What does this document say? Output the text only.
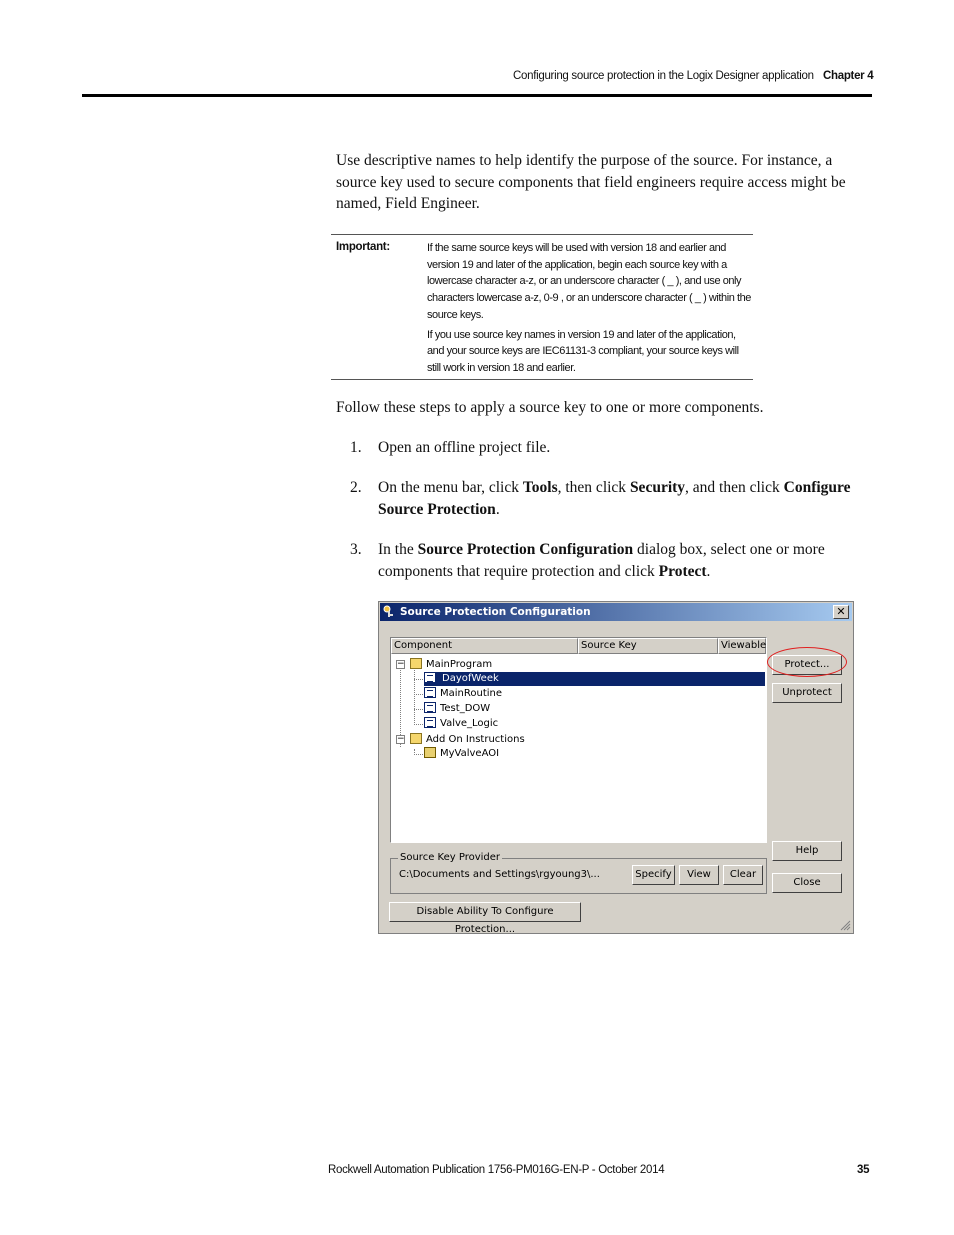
Configuring source protection in the Logix Designer application Chapter 4
Use descriptive names to help identify the purpose of the source. For instance, a source key used to secure components that field engineers require access might be named, Field Engineer.
Important:	If the same source keys will be used with version 18 and earlier and version 19 and later of the application, begin each source key with a lowercase character a-z, or an underscore character ( _ ), and use only characters lowercase a-z, 0-9 , or an underscore character ( _ ) within the source keys.

If you use source key names in version 19 and later of the application, and your source keys are IEC61131-3 compliant, your source keys will still work in version 18 and earlier.

Follow these steps to apply a source key to one or more components.
1. Open an offline project file.
2. On the menu bar, click Tools, then click Security, and then click Configure Source Protection.
3. In the Source Protection Configuration dialog box, select one or more components that require protection and click Protect.
Source Protection Configuration	✕
Component	Source Key	Viewable
−
−
MainProgram
DayofWeek
MainRoutine
Test_DOW
Valve_Logic
Add On Instructions
MyValveAOI
Protect...
Unprotect
Help
Close
Source Key Provider
C:\Documents and Settings\rgyoung3\...	Specify	View	Clear
Disable Ability To Configure Protection...
Rockwell Automation Publication 1756-PM016G-EN-P - October 2014	35
